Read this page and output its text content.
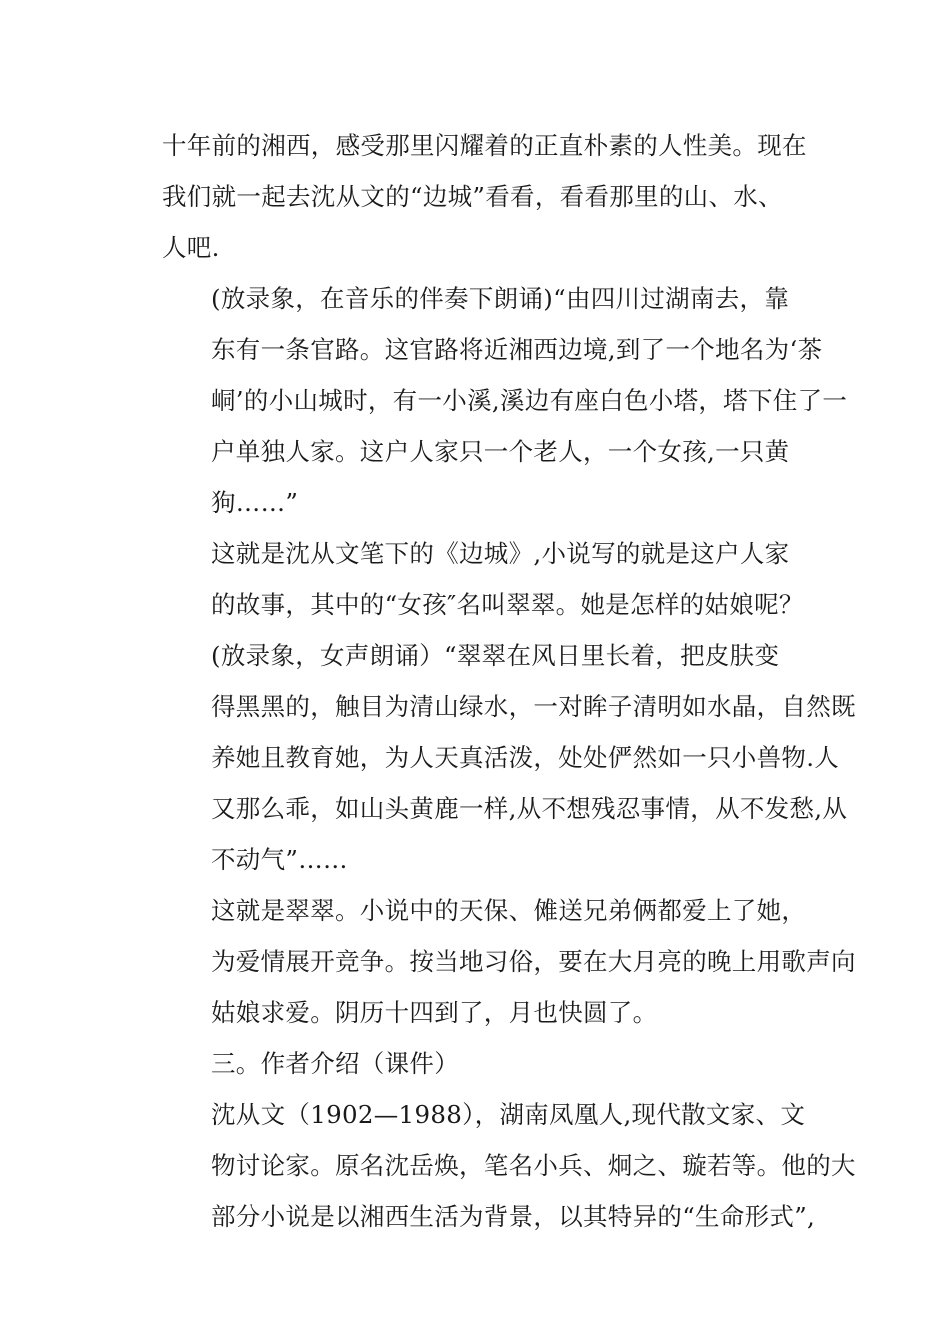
十年前的湘西，感受那里闪耀着的正直朴素的人性美。现在
我们就一起去沈从文的“边城”看看，看看那里的山、水、
人吧.

(放录象，在音乐的伴奏下朗诵)“由四川过湖南去，靠
东有一条官路。这官路将近湘西边境,到了一个地名为‘茶
峒’的小山城时，有一小溪,溪边有座白色小塔，塔下住了一
户单独人家。这户人家只一个老人，一个女孩,一只黄
狗……”

这就是沈从文笔下的《边城》,小说写的就是这户人家
的故事，其中的“女孩″名叫翠翠。她是怎样的姑娘呢？

(放录象，女声朗诵）“翠翠在风日里长着，把皮肤变
得黑黑的，触目为清山绿水，一对眸子清明如水晶，自然既
养她且教育她，为人天真活泼，处处俨然如一只小兽物.人
又那么乖，如山头黄鹿一样,从不想残忍事情，从不发愁,从
不动气”……

这就是翠翠。小说中的天保、傩送兄弟俩都爱上了她，
为爱情展开竞争。按当地习俗，要在大月亮的晚上用歌声向
姑娘求爱。阴历十四到了，月也快圆了。

三。作者介绍（课件）

沈从文（1902—1988），湖南凤凰人,现代散文家、文
物讨论家。原名沈岳焕，笔名小兵、炯之、璇若等。他的大
部分小说是以湘西生活为背景，以其特异的“生命形式”,
